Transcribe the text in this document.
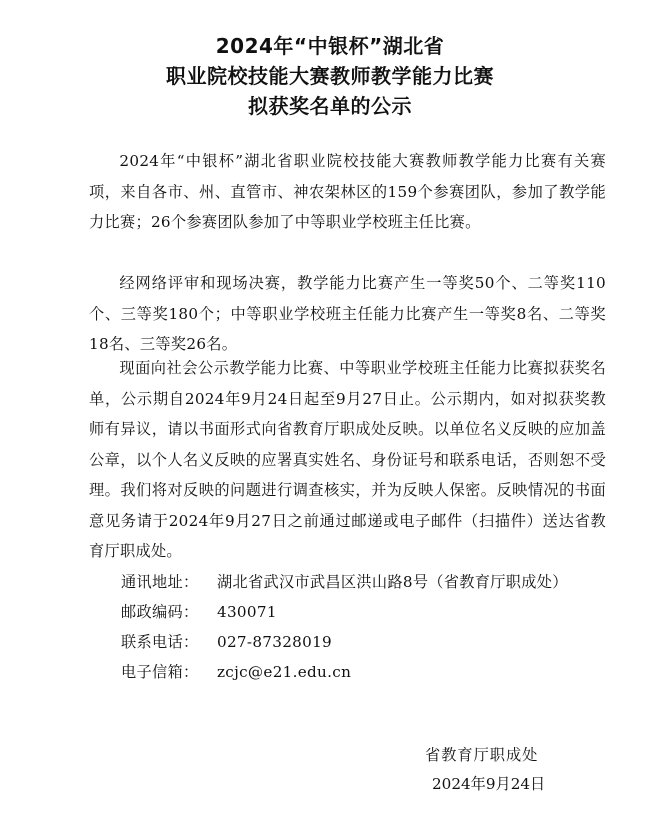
2024年“中银杯”湖北省
职业院校技能大赛教师教学能力比赛
拟获奖名单的公示

2024年“中银杯”湖北省职业院校技能大赛教师教学能力比赛有关赛项，来自各市、州、直管市、神农架林区的159个参赛团队，参加了教学能力比赛；26个参赛团队参加了中等职业学校班主任比赛。

经网络评审和现场决赛，教学能力比赛产生一等奖50个、二等奖110个、三等奖180个；中等职业学校班主任能力比赛产生一等奖8名、二等奖18名、三等奖26名。

现面向社会公示教学能力比赛、中等职业学校班主任能力比赛拟获奖名单，公示期自2024年9月24日起至9月27日止。公示期内，如对拟获奖教师有异议，请以书面形式向省教育厅职成处反映。以单位名义反映的应加盖公章，以个人名义反映的应署真实姓名、身份证号和联系电话，否则恕不受理。我们将对反映的问题进行调查核实，并为反映人保密。反映情况的书面意见务请于2024年9月27日之前通过邮递或电子邮件（扫描件）送达省教育厅职成处。

通讯地址： 湖北省武汉市武昌区洪山路8号（省教育厅职成处）
邮政编码： 430071
联系电话： 027-87328019
电子信箱： zcjc@e21.edu.cn
省教育厅职成处
2024年9月24日
